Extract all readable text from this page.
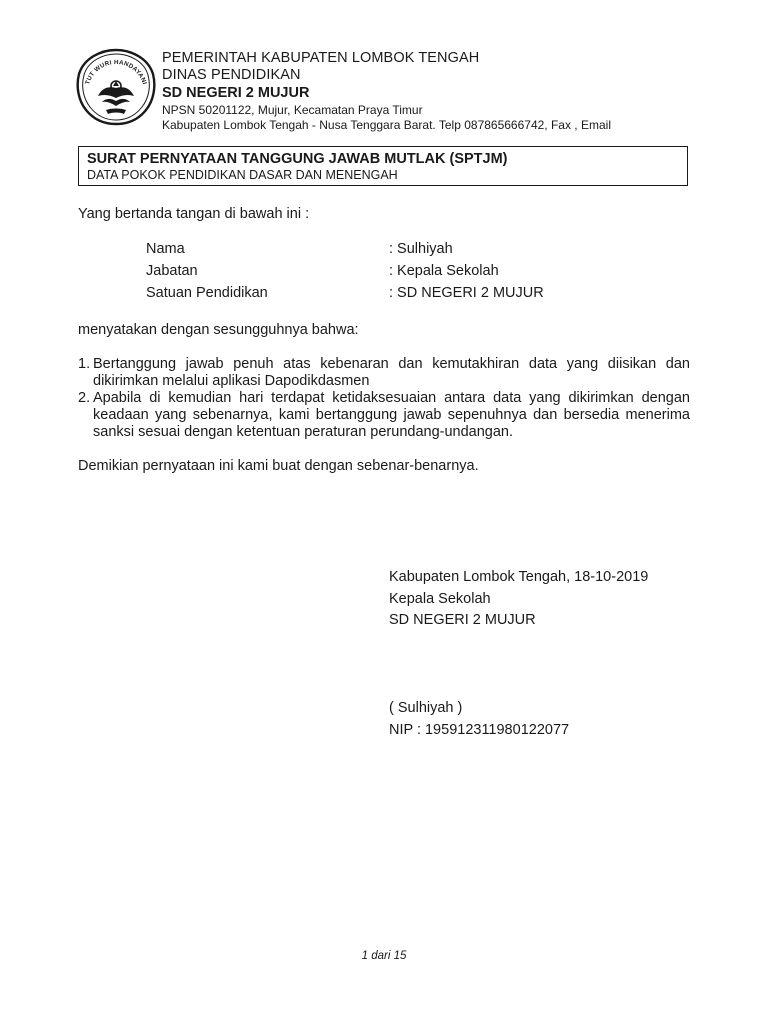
TUT WURI HANDAYANI
PEMERINTAH KABUPATEN LOMBOK TENGAH
DINAS PENDIDIKAN
SD NEGERI 2 MUJUR
NPSN 50201122, Mujur, Kecamatan Praya Timur
Kabupaten Lombok Tengah - Nusa Tenggara Barat. Telp 087865666742, Fax , Email
SURAT PERNYATAAN TANGGUNG JAWAB MUTLAK (SPTJM)
DATA POKOK PENDIDIKAN DASAR DAN MENENGAH
Yang bertanda tangan di bawah ini :
Nama	: Sulhiyah
Jabatan	: Kepala Sekolah
Satuan Pendidikan	: SD NEGERI 2 MUJUR
menyatakan dengan sesungguhnya bahwa:
1. Bertanggung jawab penuh atas kebenaran dan kemutakhiran data yang diisikan dan dikirimkan melalui aplikasi Dapodikdasmen
2. Apabila di kemudian hari terdapat ketidaksesuaian antara data yang dikirimkan dengan keadaan yang sebenarnya, kami bertanggung jawab sepenuhnya dan bersedia menerima sanksi sesuai dengan ketentuan peraturan perundang-undangan.
Demikian pernyataan ini kami buat dengan sebenar-benarnya.
Kabupaten Lombok Tengah, 18-10-2019
Kepala Sekolah
SD NEGERI 2 MUJUR
( Sulhiyah )
NIP : 195912311980122077
1 dari 15
